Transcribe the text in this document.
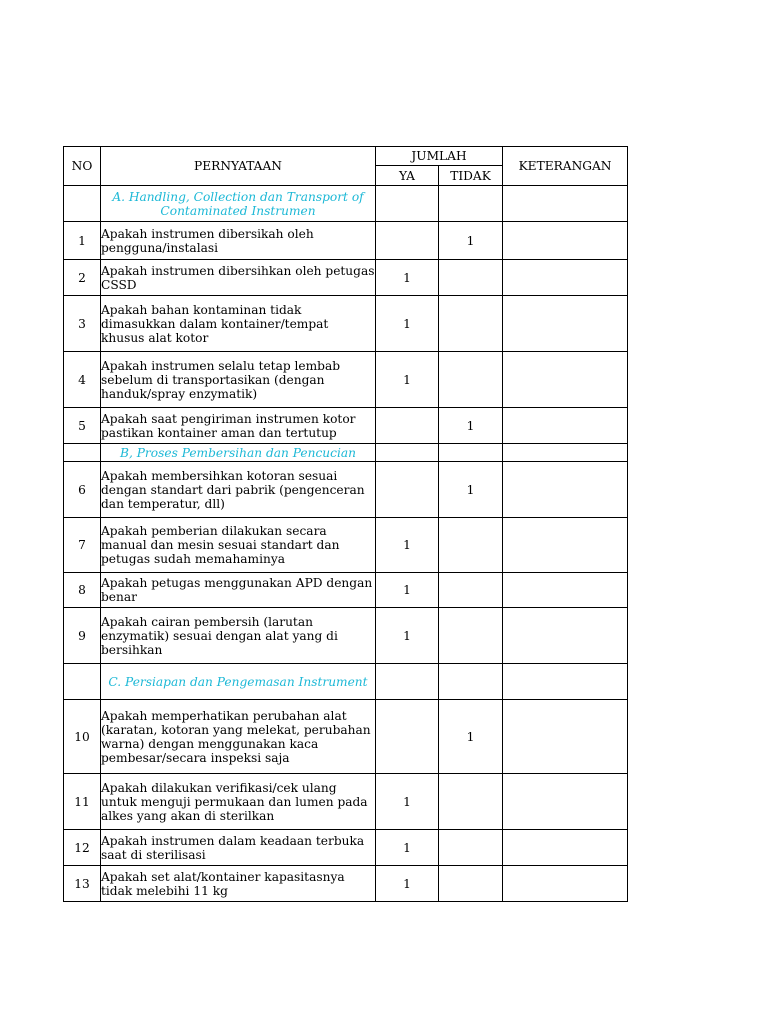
NO	PERNYATAAN	JUMLAH		KETERANGAN
		YA	TIDAK	
	A. Handling, Collection dan Transport of Contaminated Instrumen			
1	Apakah instrumen dibersikah oleh pengguna/instalasi		1	
2	Apakah instrumen dibersihkan oleh petugas CSSD	1		
3	Apakah bahan kontaminan tidak dimasukkan dalam kontainer/tempat khusus alat kotor	1		
4	Apakah instrumen selalu tetap lembab sebelum di transportasikan (dengan handuk/spray enzymatik)	1		
5	Apakah saat pengiriman instrumen kotor pastikan kontainer aman dan tertutup		1	
	B, Proses Pembersihan dan Pencucian			
6	Apakah membersihkan kotoran sesuai dengan standart dari pabrik (pengenceran dan temperatur, dll)		1	
7	Apakah pemberian dilakukan secara manual dan mesin sesuai standart dan petugas sudah memahaminya	1		
8	Apakah petugas menggunakan APD dengan benar	1		
9	Apakah cairan pembersih (larutan enzymatik) sesuai dengan alat yang di bersihkan	1		
	C. Persiapan dan Pengemasan Instrument			
10	Apakah memperhatikan perubahan alat (karatan, kotoran yang melekat, perubahan warna) dengan menggunakan kaca pembesar/secara inspeksi saja		1	
11	Apakah dilakukan verifikasi/cek ulang untuk menguji permukaan dan lumen pada alkes yang akan di sterilkan	1		
12	Apakah instrumen dalam keadaan terbuka saat di sterilisasi	1		
13	Apakah set alat/kontainer kapasitasnya tidak melebihi 11 kg	1		
